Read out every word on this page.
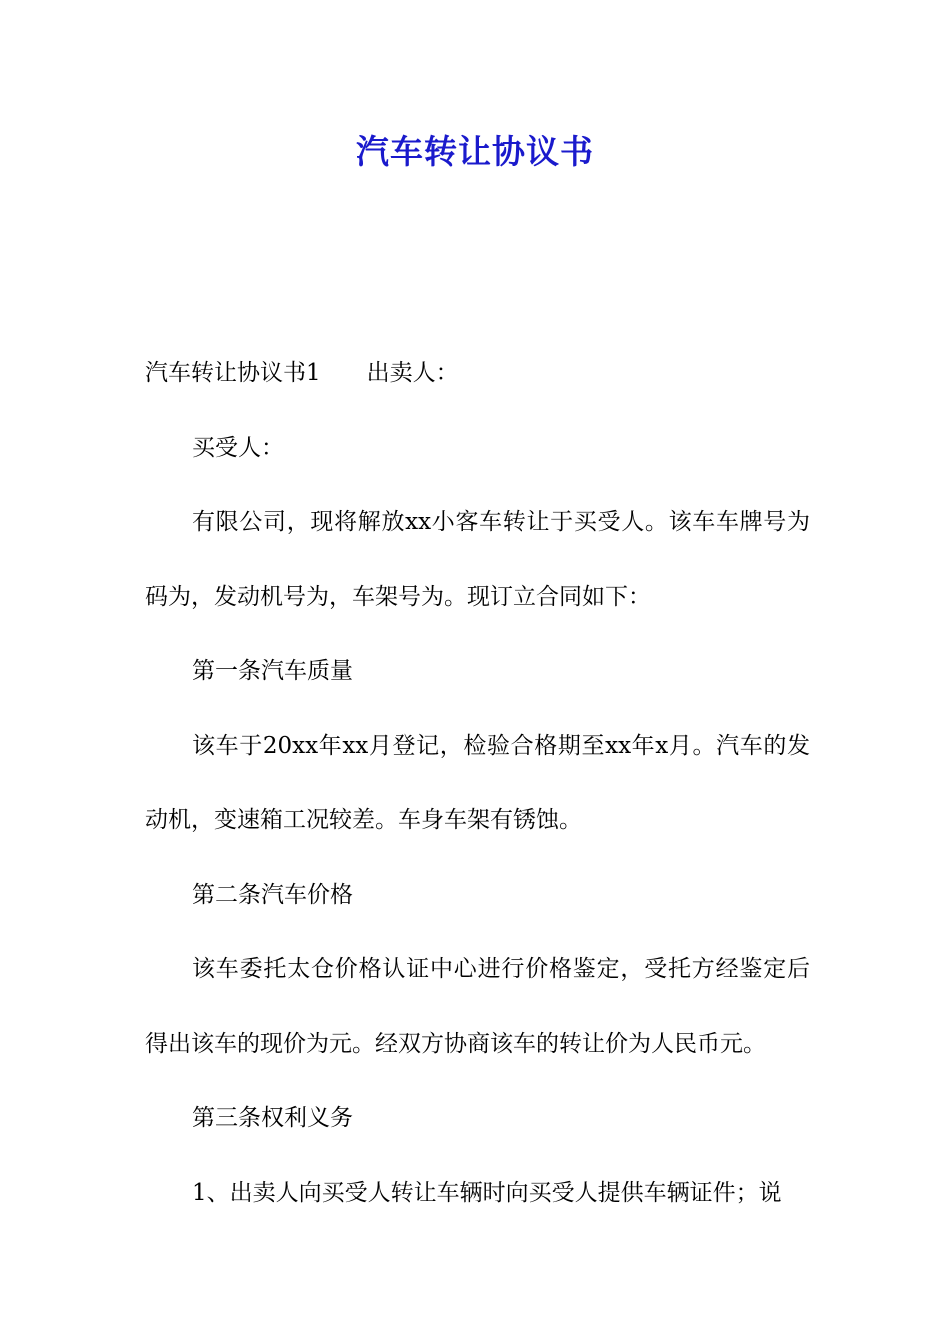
汽车转让协议书

汽车转让协议书1 出卖人：

买受人：

有限公司，现将解放xx小客车转让于买受人。该车车牌号为码为，发动机号为，车架号为。现订立合同如下：

第一条汽车质量

该车于20xx年xx月登记，检验合格期至xx年x月。汽车的发动机，变速箱工况较差。车身车架有锈蚀。

第二条汽车价格

该车委托太仓价格认证中心进行价格鉴定，受托方经鉴定后得出该车的现价为元。经双方协商该车的转让价为人民币元。

第三条权利义务

1、出卖人向买受人转让车辆时向买受人提供车辆证件；说
